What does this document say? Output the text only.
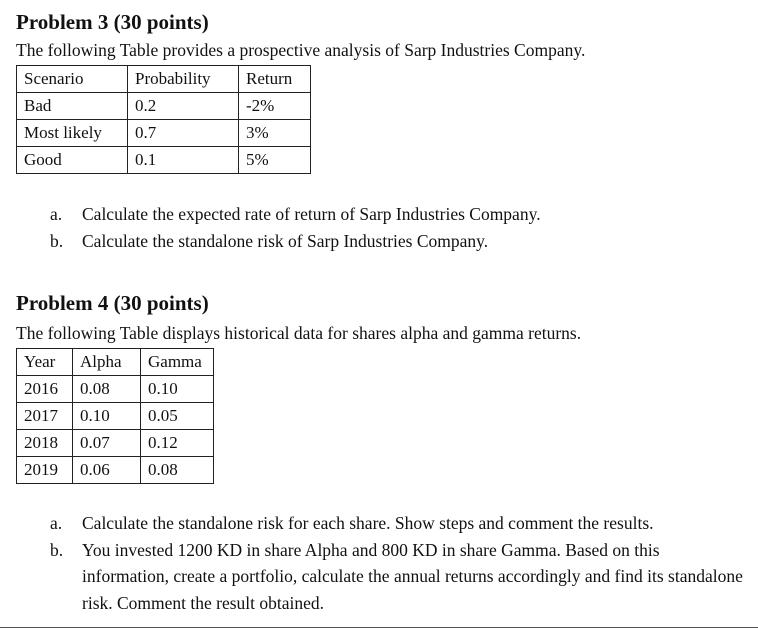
Problem 3 (30 points)

The following Table provides a prospective analysis of Sarp Industries Company.

Scenario	Probability	Return
Bad	0.2	-2%
Most likely	0.7	3%
Good	0.1	5%
a. Calculate the expected rate of return of Sarp Industries Company.
b. Calculate the standalone risk of Sarp Industries Company.
Problem 4 (30 points)

The following Table displays historical data for shares alpha and gamma returns.

Year	Alpha	Gamma
2016	0.08	0.10
2017	0.10	0.05
2018	0.07	0.12
2019	0.06	0.08
a. Calculate the standalone risk for each share. Show steps and comment the results.
b. You invested 1200 KD in share Alpha and 800 KD in share Gamma. Based on this information, create a portfolio, calculate the annual returns accordingly and find its standalone risk. Comment the result obtained.
